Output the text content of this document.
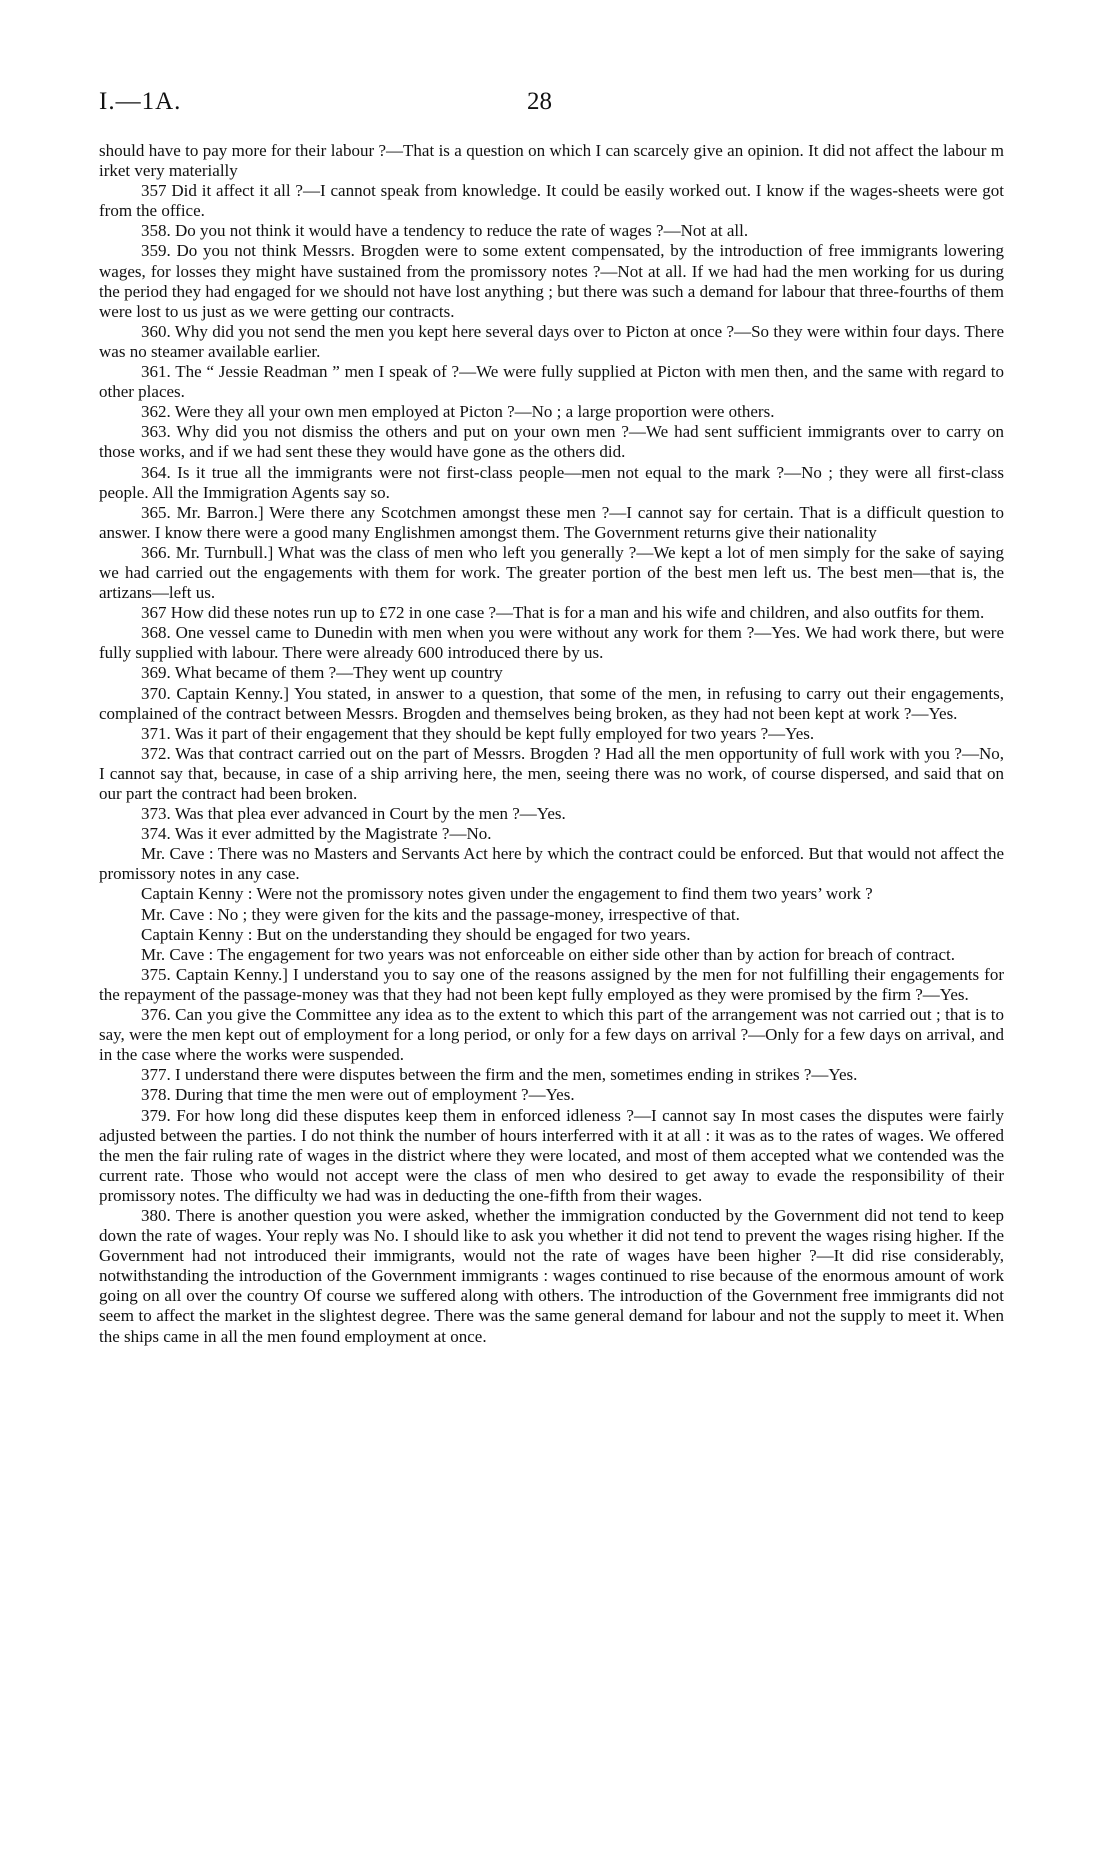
I.—1A.	28

should have to pay more for their labour ?—That is a question on which I can scarcely give an opinion. It did not affect the labour m irket very materially

357 Did it affect it all ?—I cannot speak from knowledge. It could be easily worked out. I know if the wages-sheets were got from the office.

358. Do you not think it would have a tendency to reduce the rate of wages ?—Not at all.

359. Do you not think Messrs. Brogden were to some extent compensated, by the introduction of free immigrants lowering wages, for losses they might have sustained from the promissory notes ?—Not at all. If we had had the men working for us during the period they had engaged for we should not have lost anything ; but there was such a demand for labour that three-fourths of them were lost to us just as we were getting our contracts.

360. Why did you not send the men you kept here several days over to Picton at once ?—So they were within four days. There was no steamer available earlier.

361. The “ Jessie Readman ” men I speak of ?—We were fully supplied at Picton with men then, and the same with regard to other places.

362. Were they all your own men employed at Picton ?—No ; a large proportion were others.

363. Why did you not dismiss the others and put on your own men ?—We had sent sufficient immigrants over to carry on those works, and if we had sent these they would have gone as the others did.

364. Is it true all the immigrants were not first-class people—men not equal to the mark ?—No ; they were all first-class people. All the Immigration Agents say so.

365. Mr. Barron.] Were there any Scotchmen amongst these men ?—I cannot say for certain. That is a difficult question to answer. I know there were a good many Englishmen amongst them. The Government returns give their nationality

366. Mr. Turnbull.] What was the class of men who left you generally ?—We kept a lot of men simply for the sake of saying we had carried out the engagements with them for work. The greater portion of the best men left us. The best men—that is, the artizans—left us.

367 How did these notes run up to £72 in one case ?—That is for a man and his wife and children, and also outfits for them.

368. One vessel came to Dunedin with men when you were without any work for them ?—Yes. We had work there, but were fully supplied with labour. There were already 600 introduced there by us.

369. What became of them ?—They went up country

370. Captain Kenny.] You stated, in answer to a question, that some of the men, in refusing to carry out their engagements, complained of the contract between Messrs. Brogden and themselves being broken, as they had not been kept at work ?—Yes.

371. Was it part of their engagement that they should be kept fully employed for two years ?—Yes.

372. Was that contract carried out on the part of Messrs. Brogden ? Had all the men opportunity of full work with you ?—No, I cannot say that, because, in case of a ship arriving here, the men, seeing there was no work, of course dispersed, and said that on our part the contract had been broken.

373. Was that plea ever advanced in Court by the men ?—Yes.

374. Was it ever admitted by the Magistrate ?—No.

Mr. Cave : There was no Masters and Servants Act here by which the contract could be enforced. But that would not affect the promissory notes in any case.

Captain Kenny : Were not the promissory notes given under the engagement to find them two years’ work ?

Mr. Cave : No ; they were given for the kits and the passage-money, irrespective of that.

Captain Kenny : But on the understanding they should be engaged for two years.

Mr. Cave : The engagement for two years was not enforceable on either side other than by action for breach of contract.

375. Captain Kenny.] I understand you to say one of the reasons assigned by the men for not fulfilling their engagements for the repayment of the passage-money was that they had not been kept fully employed as they were promised by the firm ?—Yes.

376. Can you give the Committee any idea as to the extent to which this part of the arrangement was not carried out ; that is to say, were the men kept out of employment for a long period, or only for a few days on arrival ?—Only for a few days on arrival, and in the case where the works were suspended.

377. I understand there were disputes between the firm and the men, sometimes ending in strikes ?—Yes.

378. During that time the men were out of employment ?—Yes.

379. For how long did these disputes keep them in enforced idleness ?—I cannot say In most cases the disputes were fairly adjusted between the parties. I do not think the number of hours interferred with it at all : it was as to the rates of wages. We offered the men the fair ruling rate of wages in the district where they were located, and most of them accepted what we contended was the current rate. Those who would not accept were the class of men who desired to get away to evade the responsibility of their promissory notes. The difficulty we had was in deducting the one-fifth from their wages.

380. There is another question you were asked, whether the immigration conducted by the Government did not tend to keep down the rate of wages. Your reply was No. I should like to ask you whether it did not tend to prevent the wages rising higher. If the Government had not introduced their immigrants, would not the rate of wages have been higher ?—It did rise considerably, notwithstanding the introduction of the Government immigrants : wages continued to rise because of the enormous amount of work going on all over the country Of course we suffered along with others. The introduction of the Government free immigrants did not seem to affect the market in the slightest degree. There was the same general demand for labour and not the supply to meet it. When the ships came in all the men found employment at once.
